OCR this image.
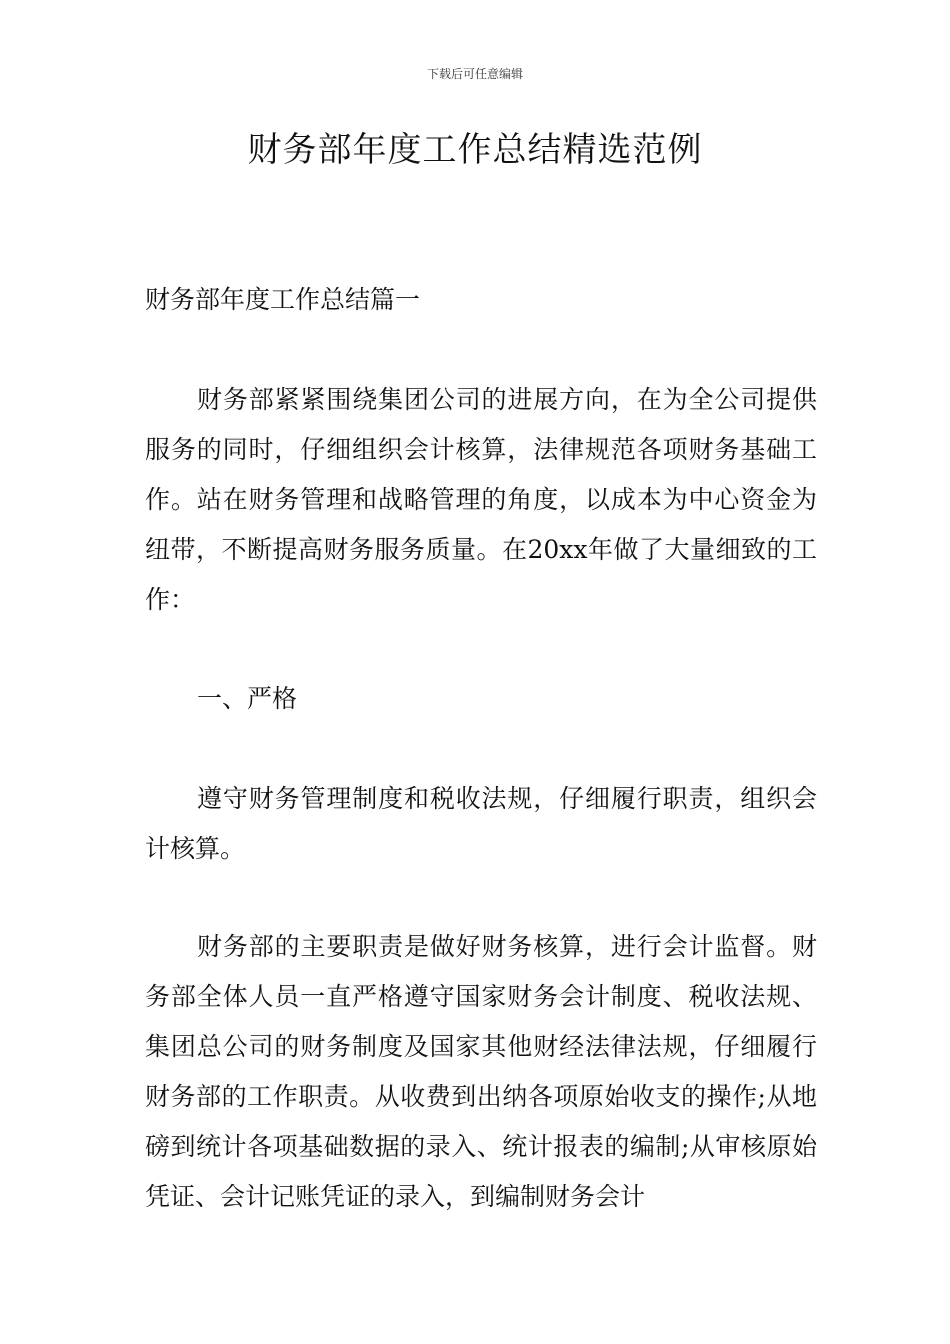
下载后可任意编辑
财务部年度工作总结精选范例

财务部年度工作总结篇一

财务部紧紧围绕集团公司的进展方向，在为全公司提供服务的同时，仔细组织会计核算，法律规范各项财务基础工作。站在财务管理和战略管理的角度，以成本为中心资金为纽带，不断提高财务服务质量。在20xx年做了大量细致的工作：

一、严格

遵守财务管理制度和税收法规，仔细履行职责，组织会计核算。

财务部的主要职责是做好财务核算，进行会计监督。财务部全体人员一直严格遵守国家财务会计制度、税收法规、集团总公司的财务制度及国家其他财经法律法规，仔细履行财务部的工作职责。从收费到出纳各项原始收支的操作;从地磅到统计各项基础数据的录入、统计报表的编制;从审核原始凭证、会计记账凭证的录入，到编制财务会计
